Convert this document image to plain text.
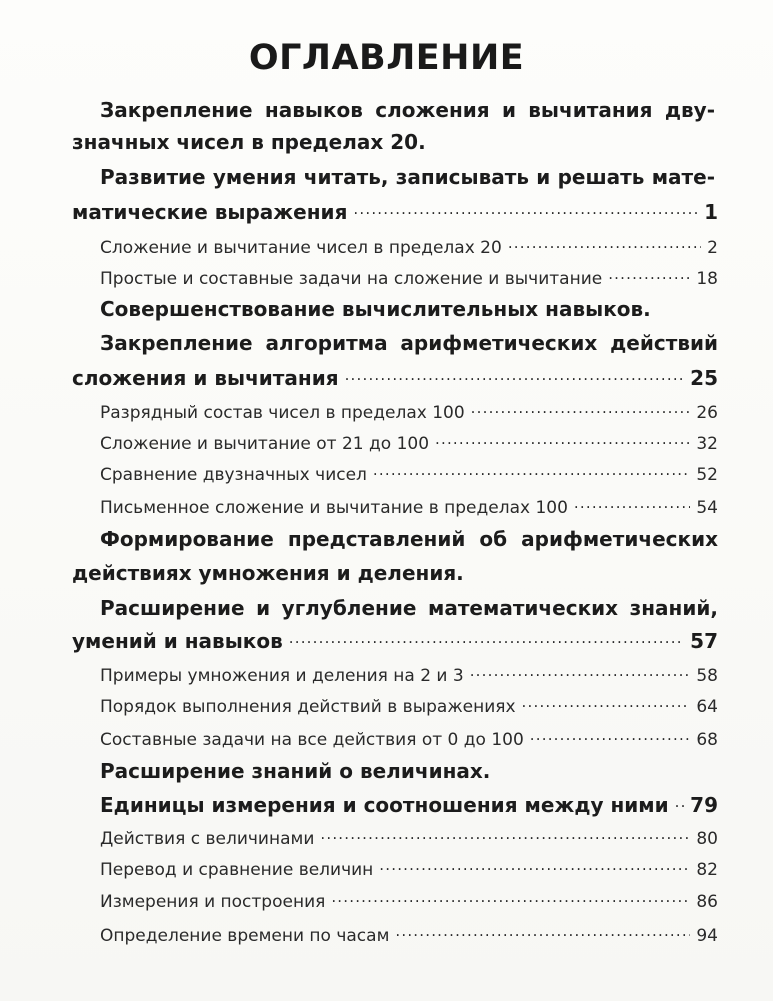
ОГЛАВЛЕНИЕ
Закрепление навыков сложения и вычитания дву-
значных чисел в пределах 20.
Развитие умения читать, записывать и решать мате-
матические выражения .....	1
Сложение и вычитание чисел в пределах 20 .....	2
Простые и составные задачи на сложение и вычитание .....	18
Совершенствование вычислительных навыков.
Закрепление алгоритма арифметических действий
сложения и вычитания .....	25
Разрядный состав чисел в пределах 100 .....	26
Сложение и вычитание от 21 до 100 .....	32
Сравнение двузначных чисел .....	52
Письменное сложение и вычитание в пределах 100 .....	54
Формирование представлений об арифметических
действиях умножения и деления.
Расширение и углубление математических знаний,
умений и навыков .....	57
Примеры умножения и деления на 2 и 3 .....	58
Порядок выполнения действий в выражениях .....	64
Составные задачи на все действия от 0 до 100 .....	68
Расширение знаний о величинах.
Единицы измерения и соотношения между ними ..... 79
Действия с величинами .....	80
Перевод и сравнение величин .....	82
Измерения и построения .....	86
Определение времени по часам .....	94
